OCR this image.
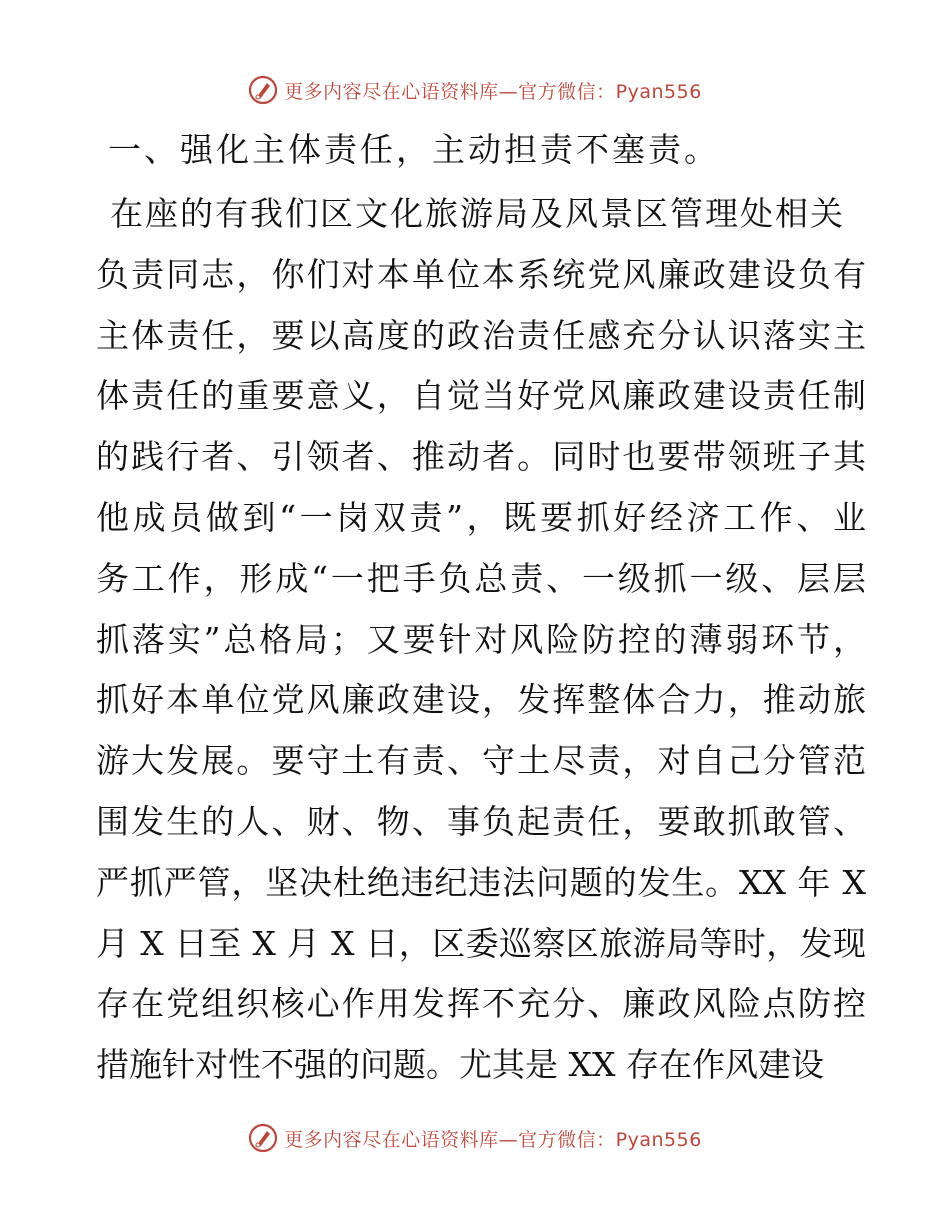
更多内容尽在心语资料库—官方微信：Pyan556
一、强化主体责任，主动担责不塞责。
在座的有我们区文化旅游局及风景区管理处相关
负责同志，你们对本单位本系统党风廉政建设负有
主体责任，要以高度的政治责任感充分认识落实主
体责任的重要意义，自觉当好党风廉政建设责任制
的践行者、引领者、推动者。同时也要带领班子其
他成员做到“一岗双责”，既要抓好经济工作、业
务工作，形成“一把手负总责、一级抓一级、层层
抓落实”总格局；又要针对风险防控的薄弱环节，
抓好本单位党风廉政建设，发挥整体合力，推动旅
游大发展。要守土有责、守土尽责，对自己分管范
围发生的人、财、物、事负起责任，要敢抓敢管、
严抓严管，坚决杜绝违纪违法问题的发生。XX 年 X
月 X 日至 X 月 X 日，区委巡察区旅游局等时，发现
存在党组织核心作用发挥不充分、廉政风险点防控
措施针对性不强的问题。尤其是 XX 存在作风建设
更多内容尽在心语资料库—官方微信：Pyan556
